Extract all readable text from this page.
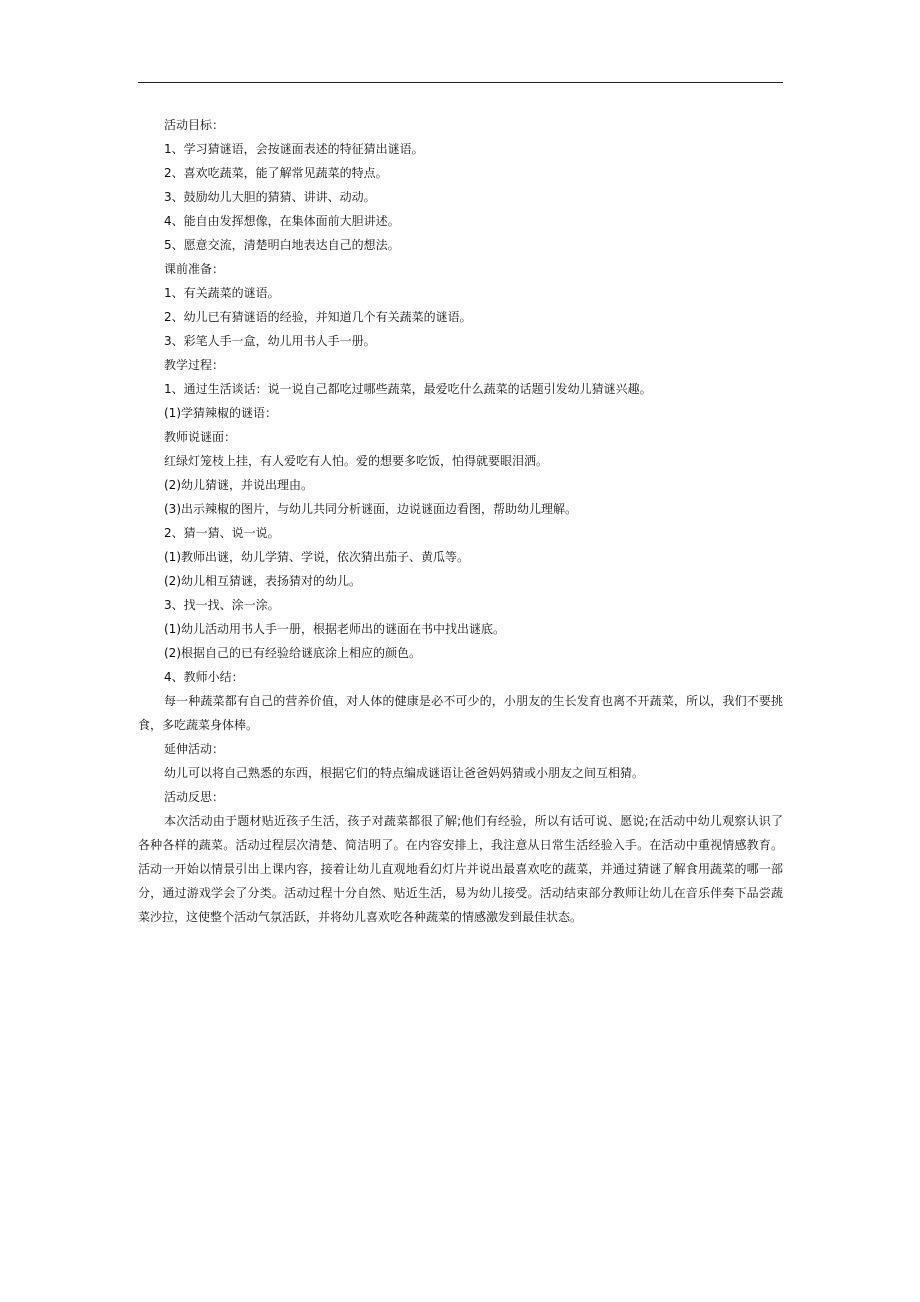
活动目标：

1、学习猜谜语，会按谜面表述的特征猜出谜语。

2、喜欢吃蔬菜，能了解常见蔬菜的特点。

3、鼓励幼儿大胆的猜猜、讲讲、动动。

4、能自由发挥想像，在集体面前大胆讲述。

5、愿意交流，清楚明白地表达自己的想法。

课前准备：

1、有关蔬菜的谜语。

2、幼儿已有猜谜语的经验，并知道几个有关蔬菜的谜语。

3、彩笔人手一盒，幼儿用书人手一册。

教学过程：

1、通过生活谈话：说一说自己都吃过哪些蔬菜，最爱吃什么蔬菜的话题引发幼儿猜谜兴趣。

(1)学猜辣椒的谜语：

教师说谜面：

红绿灯笼枝上挂，有人爱吃有人怕。爱的想要多吃饭，怕得就要眼泪洒。

(2)幼儿猜谜，并说出理由。

(3)出示辣椒的图片，与幼儿共同分析谜面，边说谜面边看图，帮助幼儿理解。

2、猜一猜、说一说。

(1)教师出谜，幼儿学猜、学说，依次猜出茄子、黄瓜等。

(2)幼儿相互猜谜，表扬猜对的幼儿。

3、找一找、涂一涂。

(1)幼儿活动用书人手一册，根据老师出的谜面在书中找出谜底。

(2)根据自己的已有经验给谜底涂上相应的颜色。

4、教师小结：

每一种蔬菜都有自己的营养价值，对人体的健康是必不可少的，小朋友的生长发育也离不开蔬菜，所以，我们不要挑食，多吃蔬菜身体棒。

延伸活动：

幼儿可以将自己熟悉的东西，根据它们的特点编成谜语让爸爸妈妈猜或小朋友之间互相猜。

活动反思：

本次活动由于题材贴近孩子生活，孩子对蔬菜都很了解;他们有经验，所以有话可说、愿说;在活动中幼儿观察认识了各种各样的蔬菜。活动过程层次清楚、简洁明了。在内容安排上，我注意从日常生活经验入手。在活动中重视情感教育。活动一开始以情景引出上课内容，接着让幼儿直观地看幻灯片并说出最喜欢吃的蔬菜，并通过猜谜了解食用蔬菜的哪一部分，通过游戏学会了分类。活动过程十分自然、贴近生活，易为幼儿接受。活动结束部分教师让幼儿在音乐伴奏下品尝蔬菜沙拉，这使整个活动气氛活跃，并将幼儿喜欢吃各种蔬菜的情感激发到最佳状态。
